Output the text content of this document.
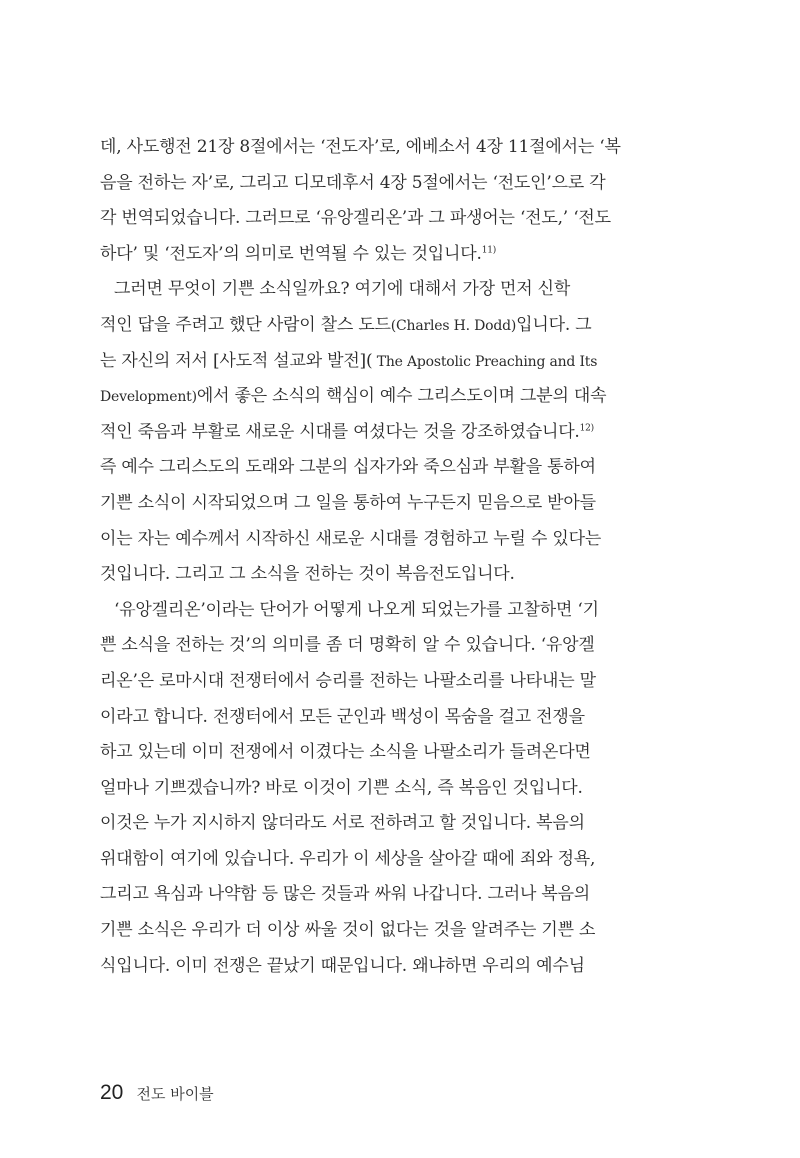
데, 사도행전 21장 8절에서는 ‘전도자’로, 에베소서 4장 11절에서는 ‘복
음을 전하는 자’로, 그리고 디모데후서 4장 5절에서는 ‘전도인’으로 각
각 번역되었습니다. 그러므로 ‘유앙겔리온’과 그 파생어는 ‘전도,’ ‘전도
하다’ 및 ‘전도자’의 의미로 번역될 수 있는 것입니다.$^{11)}$
그러면 무엇이 기쁜 소식일까요? 여기에 대해서 가장 먼저 신학
적인 답을 주려고 했단 사람이 찰스 도드(Charles H. Dodd)입니다. 그
는 자신의 저서 [사도적 설교와 발전]( The Apostolic Preaching and Its
Development)에서 좋은 소식의 핵심이 예수 그리스도이며 그분의 대속
적인 죽음과 부활로 새로운 시대를 여셨다는 것을 강조하였습니다.$^{12)}$
즉 예수 그리스도의 도래와 그분의 십자가와 죽으심과 부활을 통하여
기쁜 소식이 시작되었으며 그 일을 통하여 누구든지 믿음으로 받아들
이는 자는 예수께서 시작하신 새로운 시대를 경험하고 누릴 수 있다는
것입니다. 그리고 그 소식을 전하는 것이 복음전도입니다.
‘유앙겔리온’이라는 단어가 어떻게 나오게 되었는가를 고찰하면 ‘기
쁜 소식을 전하는 것’의 의미를 좀 더 명확히 알 수 있습니다. ‘유앙겔
리온’은 로마시대 전쟁터에서 승리를 전하는 나팔소리를 나타내는 말
이라고 합니다. 전쟁터에서 모든 군인과 백성이 목숨을 걸고 전쟁을
하고 있는데 이미 전쟁에서 이겼다는 소식을 나팔소리가 들려온다면
얼마나 기쁘겠습니까? 바로 이것이 기쁜 소식, 즉 복음인 것입니다.
이것은 누가 지시하지 않더라도 서로 전하려고 할 것입니다. 복음의
위대함이 여기에 있습니다. 우리가 이 세상을 살아갈 때에 죄와 정욕,
그리고 욕심과 나약함 등 많은 것들과 싸워 나갑니다. 그러나 복음의
기쁜 소식은 우리가 더 이상 싸울 것이 없다는 것을 알려주는 기쁜 소
식입니다. 이미 전쟁은 끝났기 때문입니다. 왜냐하면 우리의 예수님
20 전도 바이블
